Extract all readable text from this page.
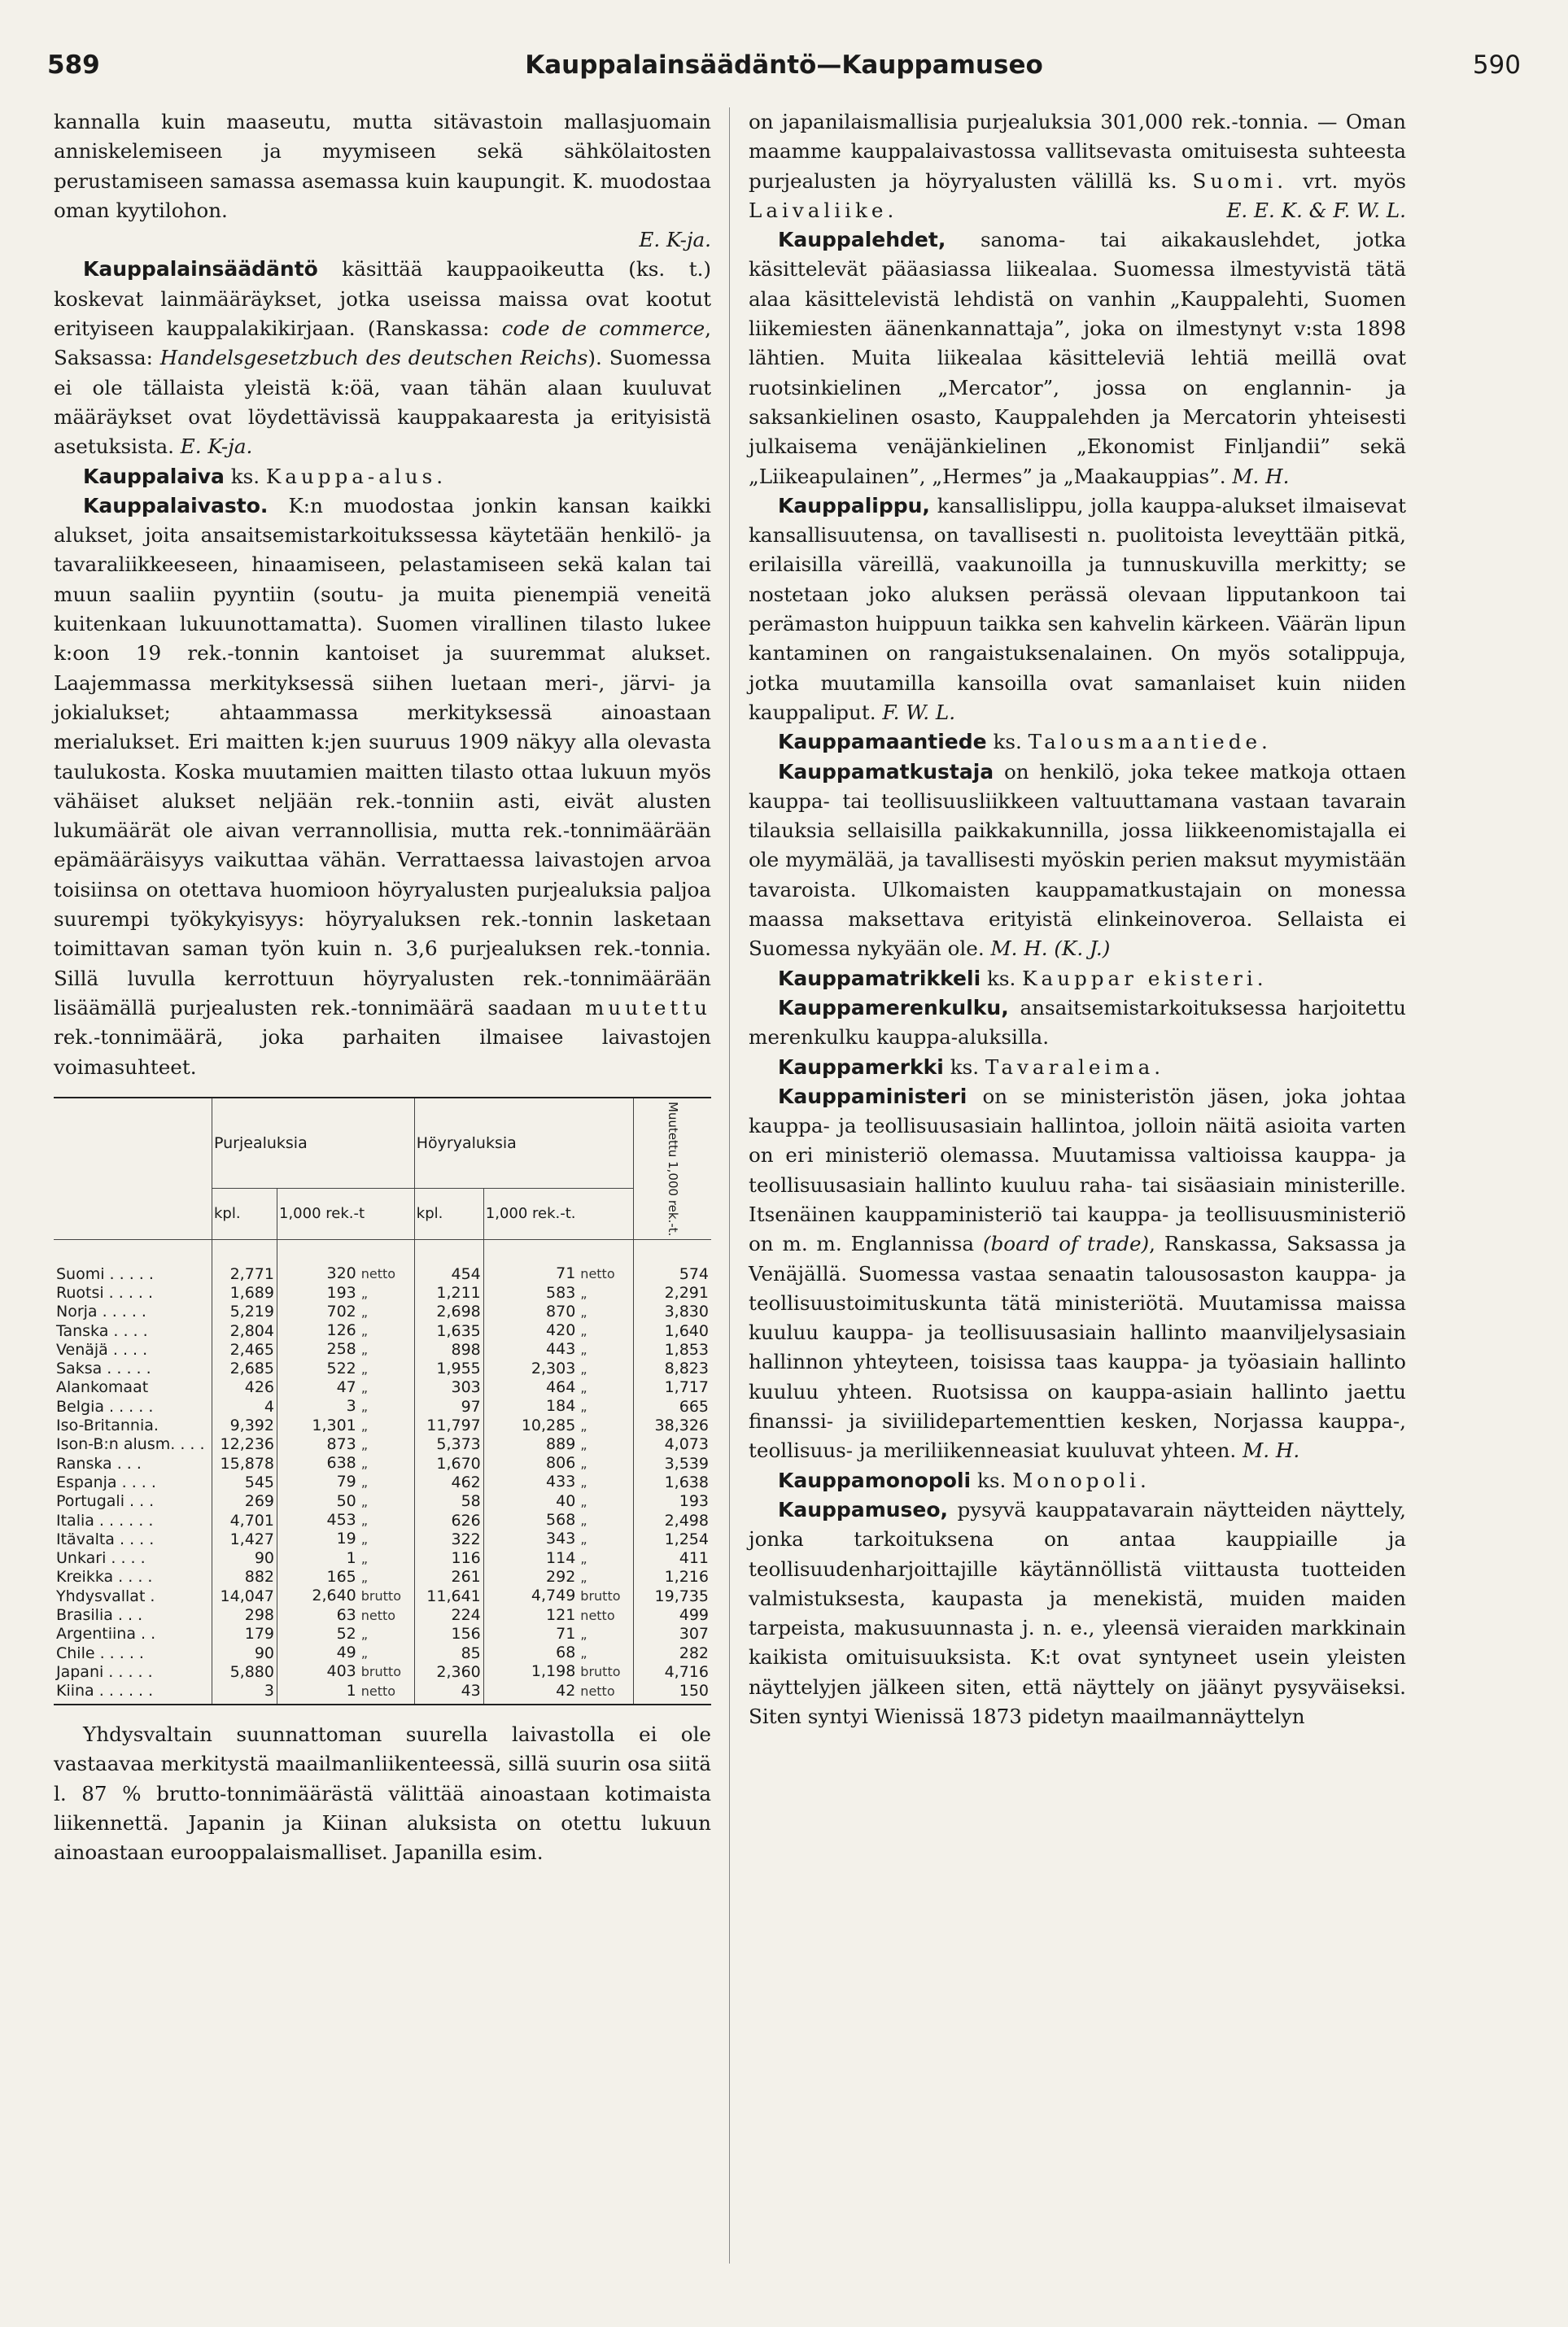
589	Kauppalainsäädäntö—Kauppamuseo	590

kannalla kuin maaseutu, mutta sitävastoin mallasjuomain anniskelemiseen ja myymiseen sekä sähkölaitosten perustamiseen samassa asemassa kuin kaupungit. K. muodostaa oman kyytilohon.
E. K-ja.

Kauppalainsäädäntö käsittää kauppaoikeutta (ks. t.) koskevat lainmääräykset, jotka useissa maissa ovat kootut erityiseen kauppalakikirjaan. (Ranskassa: code de commerce, Saksassa: Handelsgesetzbuch des deutschen Reichs). Suomessa ei ole tällaista yleistä k:öä, vaan tähän alaan kuuluvat määräykset ovat löydettävissä kauppakaaresta ja erityisistä asetuksista. E. K-ja.

Kauppalaiva ks. Kauppa-alus.

Kauppalaivasto. K:n muodostaa jonkin kansan kaikki alukset, joita ansaitsemistarkoitukssessa käytetään henkilö- ja tavaraliikkeeseen, hinaamiseen, pelastamiseen sekä kalan tai muun saaliin pyyntiin (soutu- ja muita pienempiä veneitä kuitenkaan lukuunottamatta). Suomen virallinen tilasto lukee k:oon 19 rek.-tonnin kantoiset ja suuremmat alukset. Laajemmassa merkityksessä siihen luetaan meri-, järvi- ja jokialukset; ahtaammassa merkityksessä ainoastaan merialukset. Eri maitten k:jen suuruus 1909 näkyy alla olevasta taulukosta. Koska muutamien maitten tilasto ottaa lukuun myös vähäiset alukset neljään rek.-tonniin asti, eivät alusten lukumäärät ole aivan verrannollisia, mutta rek.-tonnimäärään epämääräisyys vaikuttaa vähän. Verrattaessa laivastojen arvoa toisiinsa on otettava huomioon höyryalusten purjealuksia paljoa suurempi työkykyisyys: höyryaluksen rek.-tonnin lasketaan toimittavan saman työn kuin n. 3,6 purjealuksen rek.-tonnia. Sillä luvulla kerrottuun höyryalusten rek.-tonnimäärään lisäämällä purjealusten rek.-tonnimäärä saadaan muutettu rek.-tonnimäärä, joka parhaiten ilmaisee laivastojen voimasuhteet.

	Purjealuksia		Höyryaluksia		Muutettu 1,000 rek.-t.
	kpl.	1,000 rek.-t	kpl.	1,000 rek.-t.	
Suomi . . . . .	2,771	320 netto	454	71 netto	574
Ruotsi . . . . .	1,689	193 „	1,211	583 „	2,291
Norja . . . . .	5,219	702 „	2,698	870 „	3,830
Tanska . . . .	2,804	126 „	1,635	420 „	1,640
Venäjä . . . .	2,465	258 „	898	443 „	1,853
Saksa . . . . .	2,685	522 „	1,955	2,303 „	8,823
Alankomaat	426	47 „	303	464 „	1,717
Belgia . . . . .	4	3 „	97	184 „	665
Iso-Britannia.	9,392	1,301 „	11,797	10,285 „	38,326
Ison-B:n alusm. . . .	12,236	873 „	5,373	889 „	4,073
Ranska . . .	15,878	638 „	1,670	806 „	3,539
Espanja . . . .	545	79 „	462	433 „	1,638
Portugali . . .	269	50 „	58	40 „	193
Italia . . . . . .	4,701	453 „	626	568 „	2,498
Itävalta . . . .	1,427	19 „	322	343 „	1,254
Unkari . . . .	90	1 „	116	114 „	411
Kreikka . . . .	882	165 „	261	292 „	1,216
Yhdysvallat .	14,047	2,640 brutto	11,641	4,749 brutto	19,735
Brasilia . . .	298	63 netto	224	121 netto	499
Argentiina . .	179	52 „	156	71 „	307
Chile . . . . .	90	49 „	85	68 „	282
Japani . . . . .	5,880	403 brutto	2,360	1,198 brutto	4,716
Kiina . . . . . .	3	1 netto	43	42 netto	150

Yhdysvaltain suunnattoman suurella laivastolla ei ole vastaavaa merkitystä maailmanliikenteessä, sillä suurin osa siitä l. 87 % brutto-tonnimäärästä välittää ainoastaan kotimaista liikennettä. Japanin ja Kiinan aluksista on otettu lukuun ainoastaan eurooppalaismalliset. Japanilla esim.

on japanilaismallisia purjealuksia 301,000 rek.-tonnia. — Oman maamme kauppalaivastossa vallitsevasta omituisesta suhteesta purjealusten ja höyryalusten välillä ks. Suomi. vrt. myös Laivaliike.	E. E. K. & F. W. L.

Kauppalehdet, sanoma- tai aikakauslehdet, jotka käsittelevät pääasiassa liikealaa. Suomessa ilmestyvistä tätä alaa käsittelevistä lehdistä on vanhin „Kauppalehti, Suomen liikemiesten äänenkannattaja”, joka on ilmestynyt v:sta 1898 lähtien. Muita liikealaa käsitteleviä lehtiä meillä ovat ruotsinkielinen „Mercator”, jossa on englannin- ja saksankielinen osasto, Kauppalehden ja Mercatorin yhteisesti julkaisema venäjänkielinen „Ekonomist Finljandii” sekä „Liikeapulainen”, „Hermes” ja „Maakauppias”. M. H.

Kauppalippu, kansallislippu, jolla kauppa-alukset ilmaisevat kansallisuutensa, on tavallisesti n. puolitoista leveyttään pitkä, erilaisilla väreillä, vaakunoilla ja tunnuskuvilla merkitty; se nostetaan joko aluksen perässä olevaan lipputankoon tai perämaston huippuun taikka sen kahvelin kärkeen. Väärän lipun kantaminen on rangaistuksenalainen. On myös sotalippuja, jotka muutamilla kansoilla ovat samanlaiset kuin niiden kauppaliput. F. W. L.

Kauppamaantiede ks. Talousmaantiede.

Kauppamatkustaja on henkilö, joka tekee matkoja ottaen kauppa- tai teollisuusliikkeen valtuuttamana vastaan tavarain tilauksia sellaisilla paikkakunnilla, jossa liikkeenomistajalla ei ole myymälää, ja tavallisesti myöskin perien maksut myymistään tavaroista. Ulkomaisten kauppamatkustajain on monessa maassa maksettava erityistä elinkeinoveroa. Sellaista ei Suomessa nykyään ole. M. H. (K. J.)

Kauppamatrikkeli ks. Kauppar ekisteri.

Kauppamerenkulku, ansaitsemistarkoituksessa harjoitettu merenkulku kauppa-aluksilla.

Kauppamerkki ks. Tavaraleima.

Kauppaministeri on se ministeristön jäsen, joka johtaa kauppa- ja teollisuusasiain hallintoa, jolloin näitä asioita varten on eri ministeriö olemassa. Muutamissa valtioissa kauppa- ja teollisuusasiain hallinto kuuluu raha- tai sisäasiain ministerille. Itsenäinen kauppaministeriö tai kauppa- ja teollisuusministeriö on m. m. Englannissa (board of trade), Ranskassa, Saksassa ja Venäjällä. Suomessa vastaa senaatin talousosaston kauppa- ja teollisuustoimituskunta tätä ministeriötä. Muutamissa maissa kuuluu kauppa- ja teollisuusasiain hallinto maanviljelysasiain hallinnon yhteyteen, toisissa taas kauppa- ja työasiain hallinto kuuluu yhteen. Ruotsissa on kauppa-asiain hallinto jaettu finanssi- ja siviilidepartementtien kesken, Norjassa kauppa-, teollisuus- ja meriliikenneasiat kuuluvat yhteen. M. H.

Kauppamonopoli ks. Monopoli.

Kauppamuseo, pysyvä kauppatavarain näytteiden näyttely, jonka tarkoituksena on antaa kauppiaille ja teollisuudenharjoittajille käytännöllistä viittausta tuotteiden valmistuksesta, kaupasta ja menekistä, muiden maiden tarpeista, makusuunnasta j. n. e., yleensä vieraiden markkinain kaikista omituisuuksista. K:t ovat syntyneet usein yleisten näyttelyjen jälkeen siten, että näyttely on jäänyt pysyväiseksi. Siten syntyi Wienissä 1873 pidetyn maailmannäyttelyn
